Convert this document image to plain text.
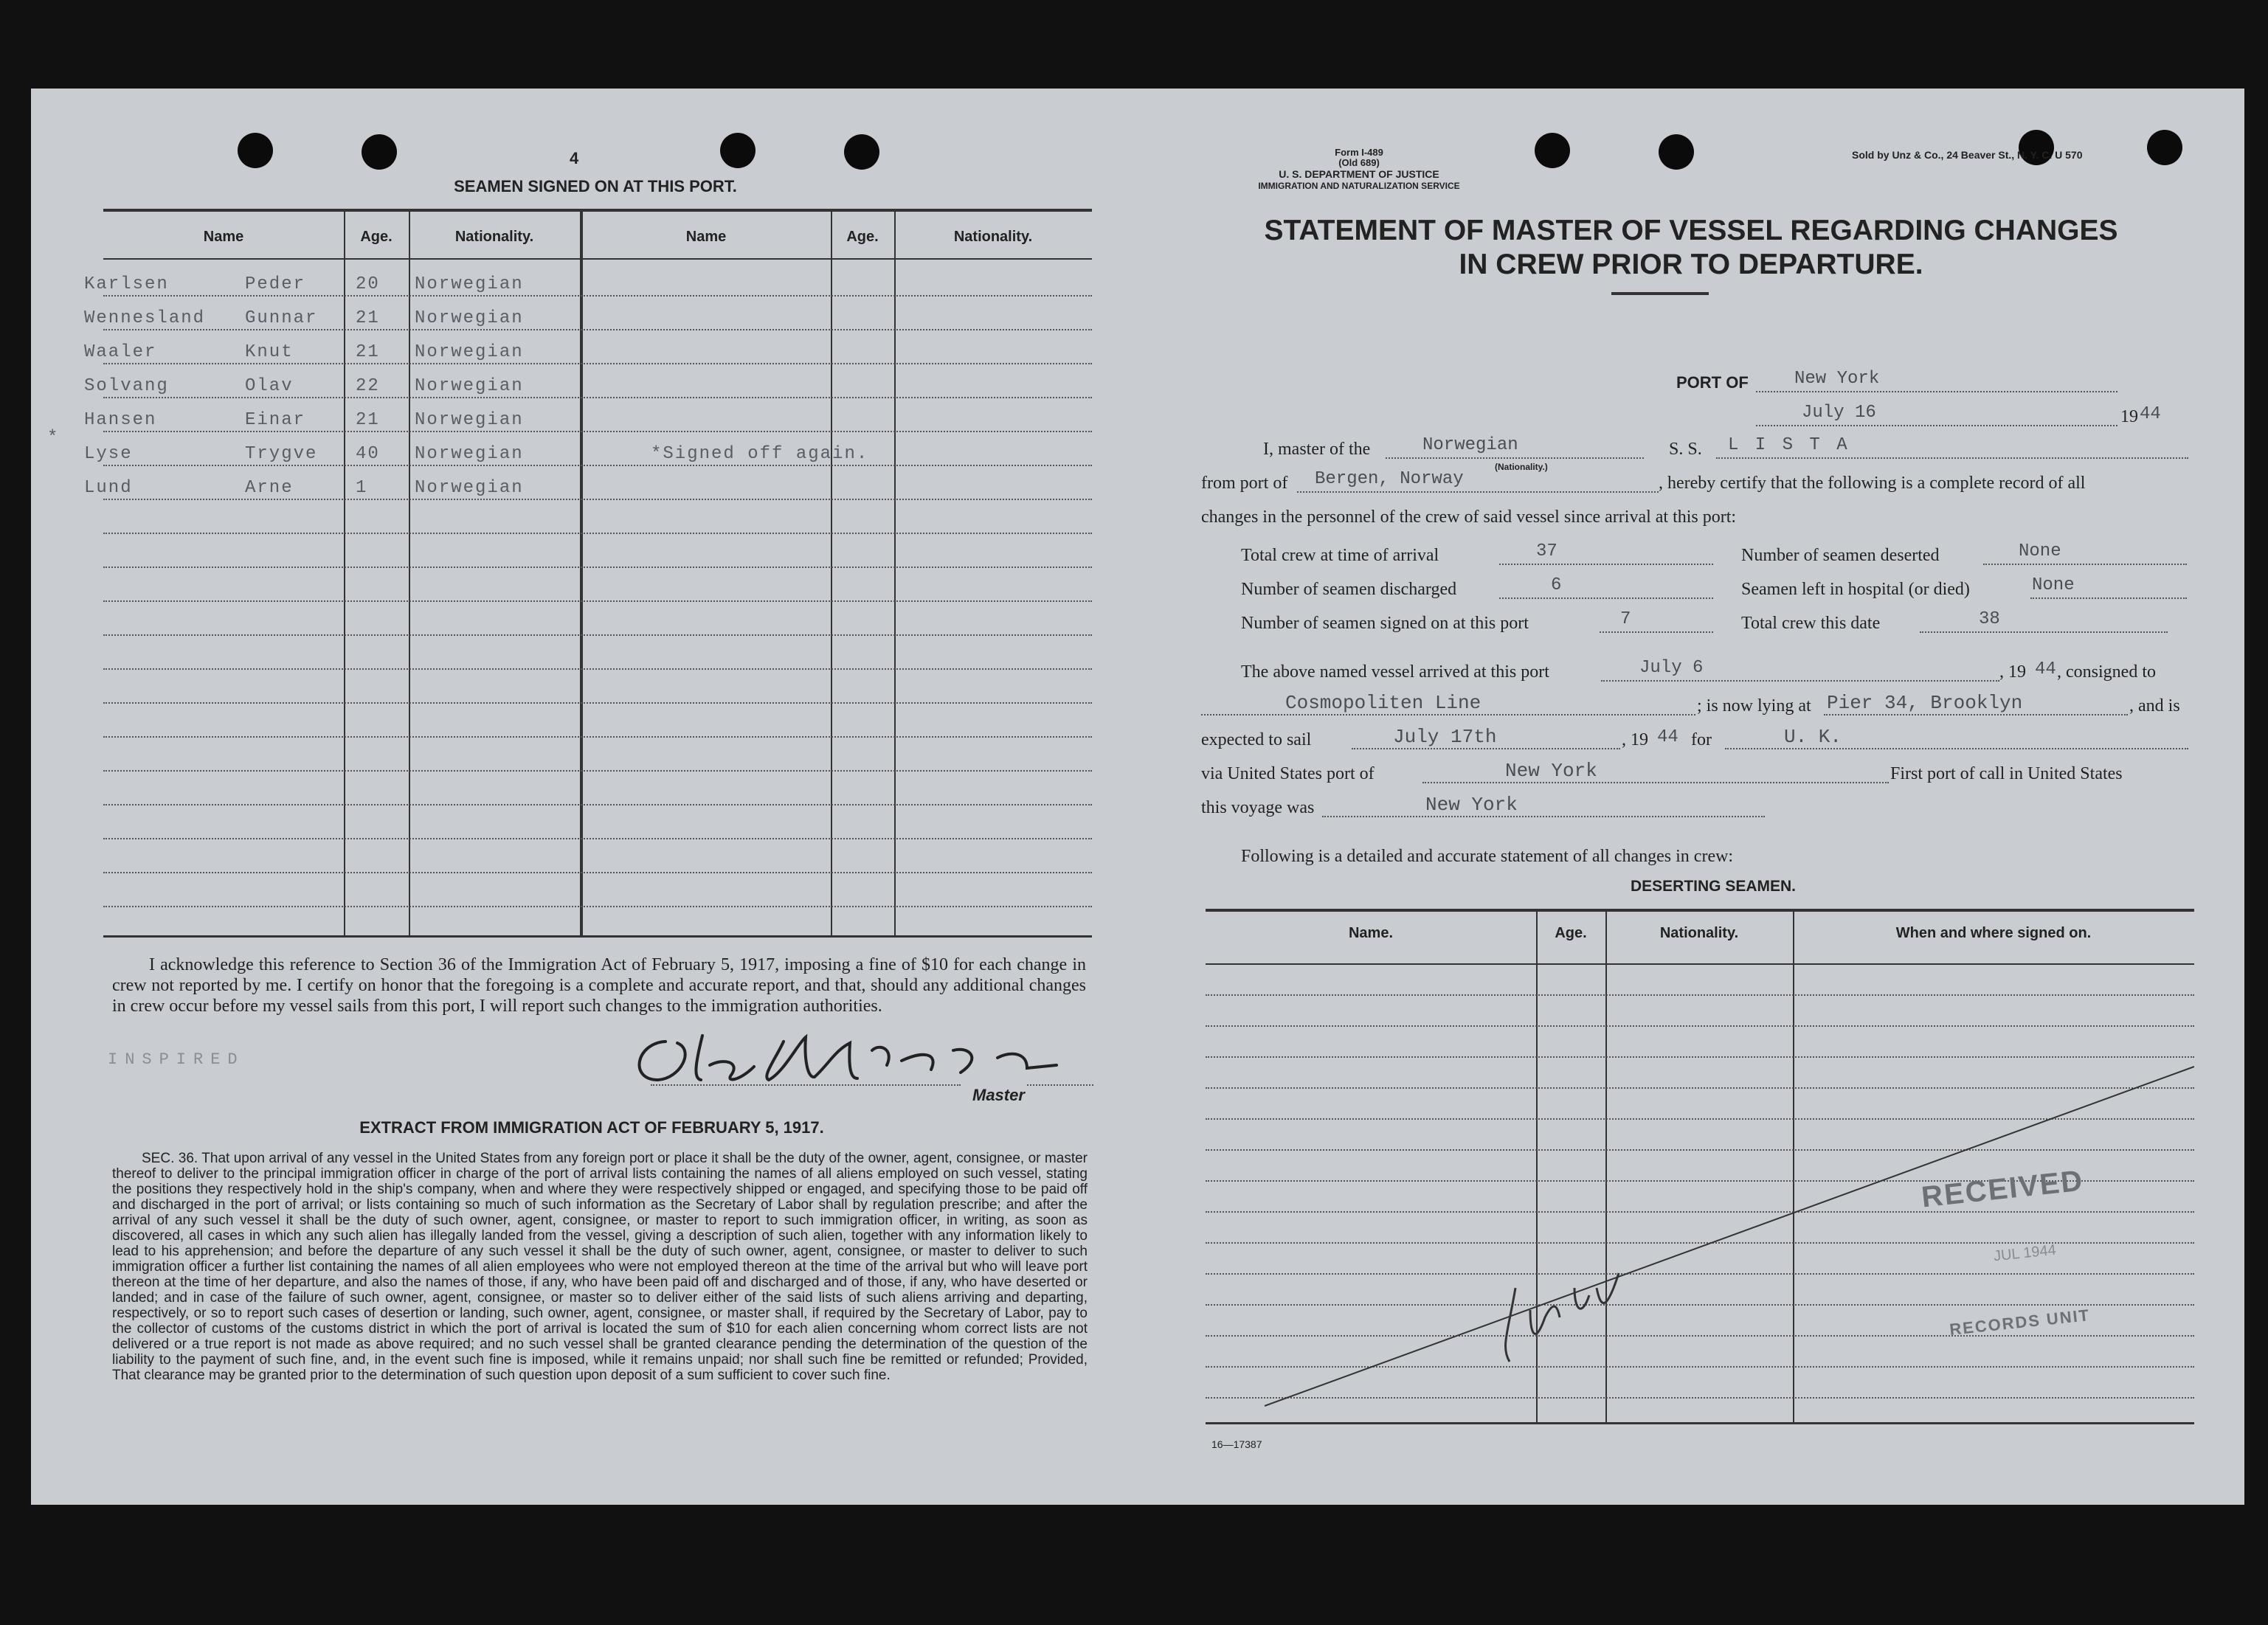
4
SEAMEN SIGNED ON AT THIS PORT.
Name	Age.	Nationality.	Name	Age.	Nationality.
Karlsen	Peder	20	Norwegian
Wennesland	Gunnar	21	Norwegian
Waaler	Knut	21	Norwegian
Solvang	Olav	22	Norwegian
Hansen	Einar	21	Norwegian
*
Lyse	Trygve	40	Norwegian	*Signed off again.
Lund	Arne	1	Norwegian
I acknowledge this reference to Section 36 of the Immigration Act of February 5, 1917, imposing a fine of $10 for each change in crew not reported by me. I certify on honor that the foregoing is a complete and accurate report, and that, should any additional changes in crew occur before my vessel sails from this port, I will report such changes to the immigration authorities.
INSPIRED
Master
EXTRACT FROM IMMIGRATION ACT OF FEBRUARY 5, 1917.
SEC. 36. That upon arrival of any vessel in the United States from any foreign port or place it shall be the duty of the owner, agent, consignee, or master thereof to deliver to the principal immigration officer in charge of the port of arrival lists containing the names of all aliens employed on such vessel, stating the positions they respectively hold in the ship's company, when and where they were respectively shipped or engaged, and specifying those to be paid off and discharged in the port of arrival; or lists containing so much of such information as the Secretary of Labor shall by regulation prescribe; and after the arrival of any such vessel it shall be the duty of such owner, agent, consignee, or master to report to such immigration officer, in writing, as soon as discovered, all cases in which any such alien has illegally landed from the vessel, giving a description of such alien, together with any information likely to lead to his apprehension; and before the departure of any such vessel it shall be the duty of such owner, agent, consignee, or master to deliver to such immigration officer a further list containing the names of all alien employees who were not employed thereon at the time of the arrival but who will leave port thereon at the time of her departure, and also the names of those, if any, who have been paid off and discharged and of those, if any, who have deserted or landed; and in case of the failure of such owner, agent, consignee, or master so to deliver either of the said lists of such aliens arriving and departing, respectively, or so to report such cases of desertion or landing, such owner, agent, consignee, or master shall, if required by the Secretary of Labor, pay to the collector of customs of the customs district in which the port of arrival is located the sum of $10 for each alien concerning whom correct lists are not delivered or a true report is not made as above required; and no such vessel shall be granted clearance pending the determination of the question of the liability to the payment of such fine, and, in the event such fine is imposed, while it remains unpaid; nor shall such fine be remitted or refunded; Provided, That clearance may be granted prior to the determination of such question upon deposit of a sum sufficient to cover such fine.
Form I-489
(Old 689)
U. S. DEPARTMENT OF JUSTICE
IMMIGRATION AND NATURALIZATION SERVICE
Sold by Unz & Co., 24 Beaver St., N. Y. C. U 570
STATEMENT OF MASTER OF VESSEL REGARDING CHANGES
IN CREW PRIOR TO DEPARTURE.
PORT OF	New York
July 16	19 44
I, master of the	Norwegian
(Nationality.)
S. S. L I S T A
from port of Bergen, Norway	, hereby certify that the following is a complete record of all
changes in the personnel of the crew of said vessel since arrival at this port:
Total crew at time of arrival	37	Number of seamen deserted	None
Number of seamen discharged	6	Seamen left in hospital (or died)	None
Number of seamen signed on at this port	7	Total crew this date	38
The above named vessel arrived at this port	July 6	, 19 44 , consigned to
Cosmopoliten Line	; is now lying at Pier 34, Brooklyn	, and is
expected to sail	July 17th	, 19 44 for	U. K.
via United States port of	New York	First port of call in United States
this voyage was	New York
Following is a detailed and accurate statement of all changes in crew:
DESERTING SEAMEN.
Name.	Age.	Nationality.	When and where signed on.
RECEIVED
JUL 1944
RECORDS UNIT
16—17387
